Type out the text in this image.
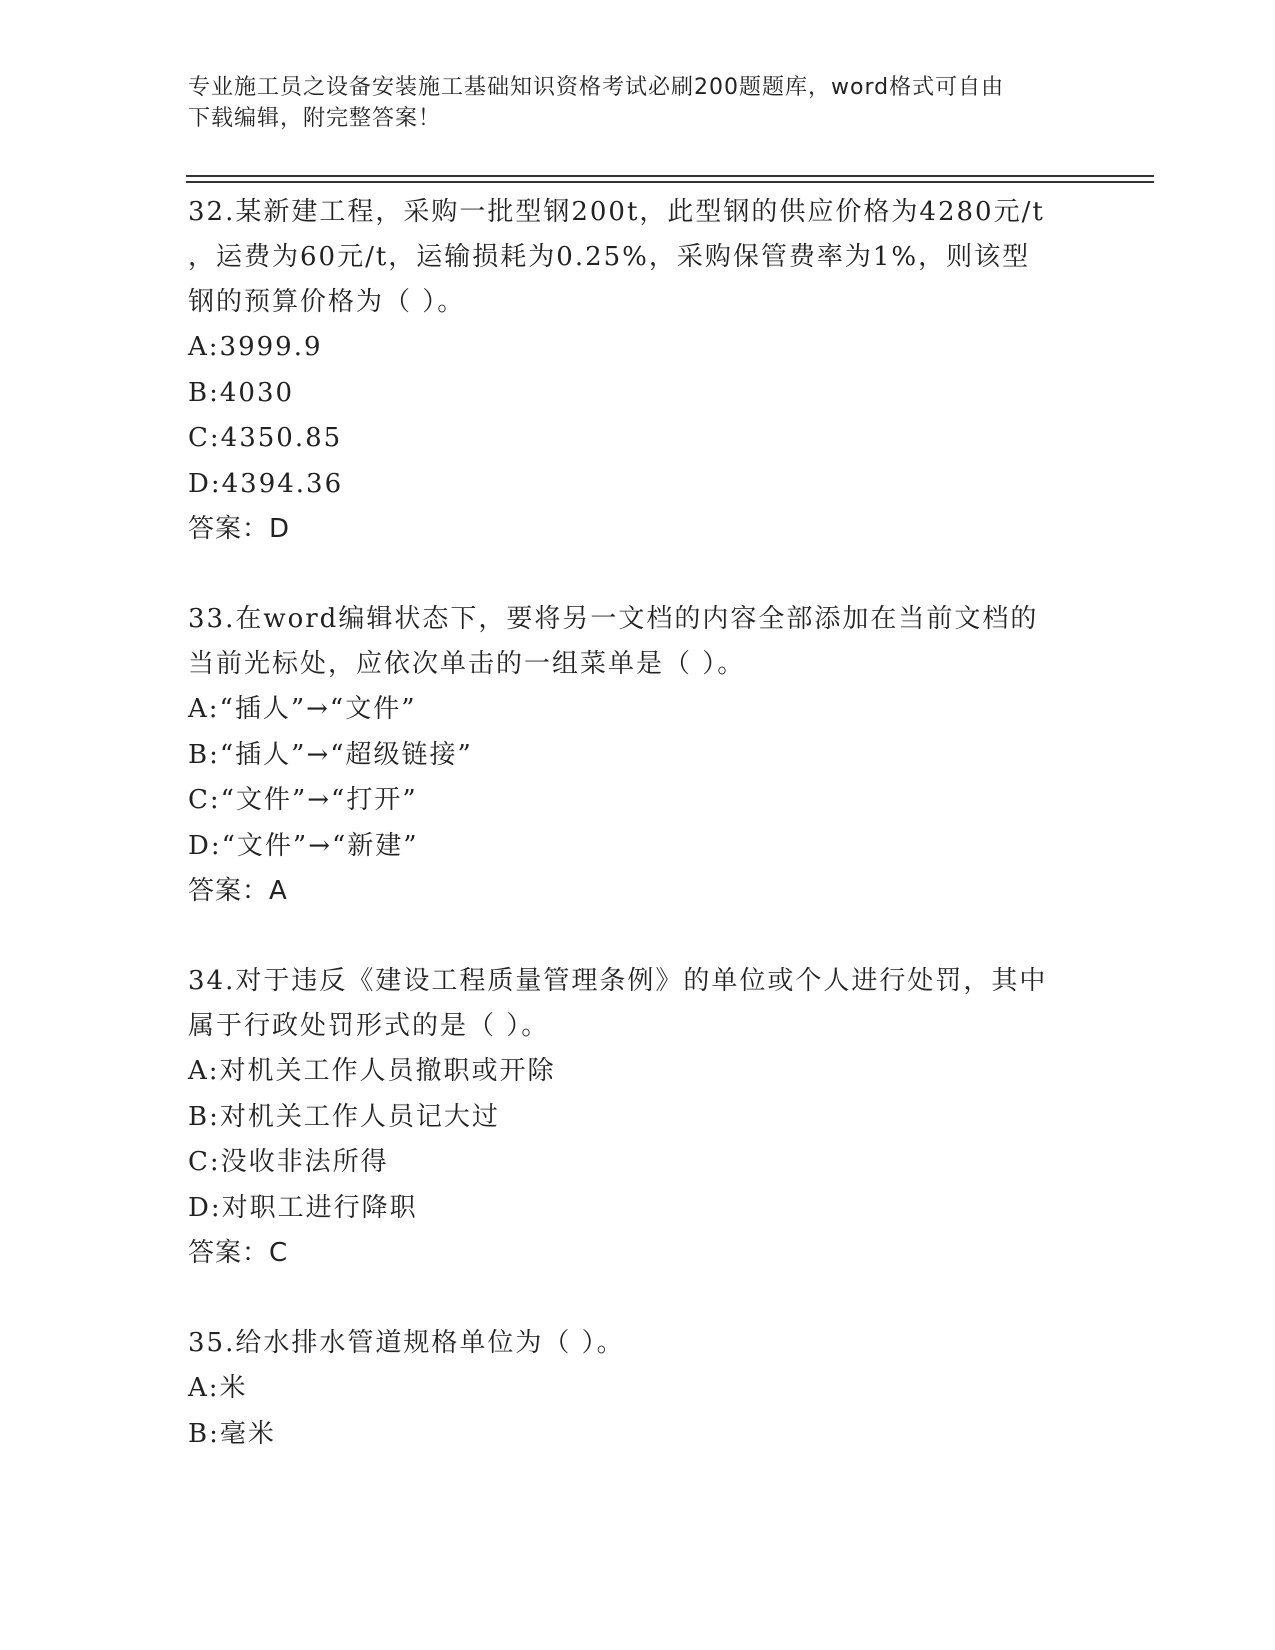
专业施工员之设备安装施工基础知识资格考试必刷200题题库，word格式可自由
下载编辑，附完整答案！
32.某新建工程，采购一批型钢200t，此型钢的供应价格为4280元/t
，运费为60元/t，运输损耗为0.25%，采购保管费率为1%，则该型
钢的预算价格为（ ）。
A:3999.9
B:4030
C:4350.85
D:4394.36
答案：D
33.在word编辑状态下，要将另一文档的内容全部添加在当前文档的
当前光标处，应依次单击的一组菜单是（ ）。
A:“插人”→“文件”
B:“插人”→“超级链接”
C:“文件”→“打开”
D:“文件”→“新建”
答案：A
34.对于违反《建设工程质量管理条例》的单位或个人进行处罚，其中
属于行政处罚形式的是（ ）。
A:对机关工作人员撤职或开除
B:对机关工作人员记大过
C:没收非法所得
D:对职工进行降职
答案：C
35.给水排水管道规格单位为（ ）。
A:米
B:毫米
